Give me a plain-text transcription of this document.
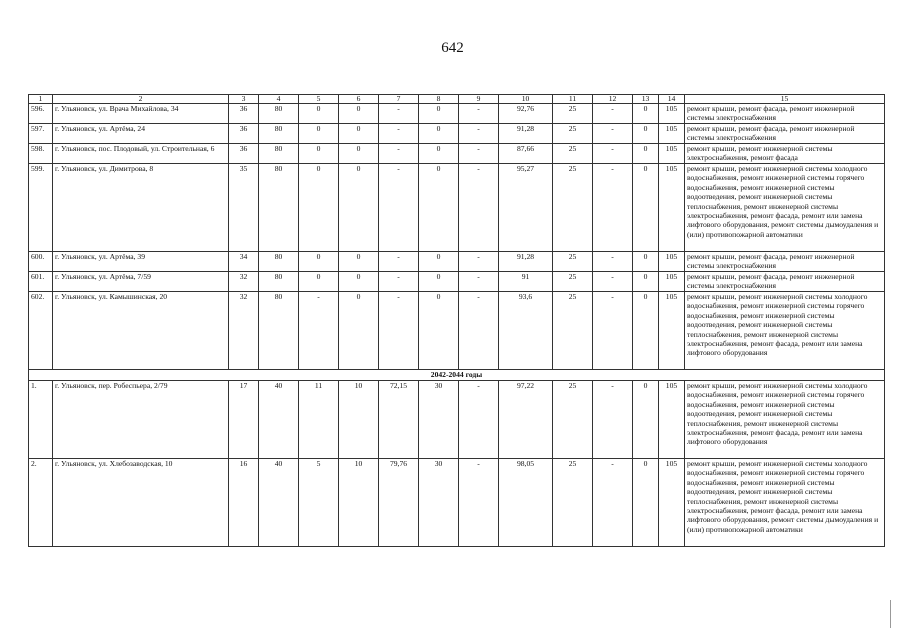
642
1	2	3	4	5	6	7	8	9	10	11	12	13	14	15
596.	г. Ульяновск, ул. Врача Михайлова, 34	36	80	0	0	-	0	-	92,76	25	-	0	105	ремонт крыши, ремонт фасада, ремонт инженерной системы электроснабжения
597.	г. Ульяновск, ул. Артёма, 24	36	80	0	0	-	0	-	91,28	25	-	0	105	ремонт крыши, ремонт фасада, ремонт инженерной системы электроснабжения
598.	г. Ульяновск, пос. Плодовый, ул. Строительная, 6	36	80	0	0	-	0	-	87,66	25	-	0	105	ремонт крыши, ремонт инженерной системы электроснабжения, ремонт фасада
599.	г. Ульяновск, ул. Димитрова, 8	35	80	0	0	-	0	-	95,27	25	-	0	105	ремонт крыши, ремонт инженерной системы холодного водоснабжения, ремонт инженерной системы горячего водоснабжения, ремонт инженерной системы водоотведения, ремонт инженерной системы теплоснабжения, ремонт инженерной системы электроснабжения, ремонт фасада, ремонт или замена лифтового оборудования, ремонт системы дымоудаления и (или) противопожарной автоматики
600.	г. Ульяновск, ул. Артёма, 39	34	80	0	0	-	0	-	91,28	25	-	0	105	ремонт крыши, ремонт фасада, ремонт инженерной системы электроснабжения
601.	г. Ульяновск, ул. Артёма, 7/59	32	80	0	0	-	0	-	91	25	-	0	105	ремонт крыши, ремонт фасада, ремонт инженерной системы электроснабжения
602.	г. Ульяновск, ул. Камышинская, 20	32	80	-	0	-	0	-	93,6	25	-	0	105	ремонт крыши, ремонт инженерной системы холодного водоснабжения, ремонт инженерной системы горячего водоснабжения, ремонт инженерной системы водоотведения, ремонт инженерной системы теплоснабжения, ремонт инженерной системы электроснабжения, ремонт фасада, ремонт или замена лифтового оборудования
2042-2044 годы														
1.	г. Ульяновск, пер. Робеспьера, 2/79	17	40	11	10	72,15	30	-	97,22	25	-	0	105	ремонт крыши, ремонт инженерной системы холодного водоснабжения, ремонт инженерной системы горячего водоснабжения, ремонт инженерной системы водоотведения, ремонт инженерной системы теплоснабжения, ремонт инженерной системы электроснабжения, ремонт фасада, ремонт или замена лифтового оборудования
2.	г. Ульяновск, ул. Хлебозаводская, 10	16	40	5	10	79,76	30	-	98,05	25	-	0	105	ремонт крыши, ремонт инженерной системы холодного водоснабжения, ремонт инженерной системы горячего водоснабжения, ремонт инженерной системы водоотведения, ремонт инженерной системы теплоснабжения, ремонт инженерной системы электроснабжения, ремонт фасада, ремонт или замена лифтового оборудования, ремонт системы дымоудаления и (или) противопожарной автоматики
